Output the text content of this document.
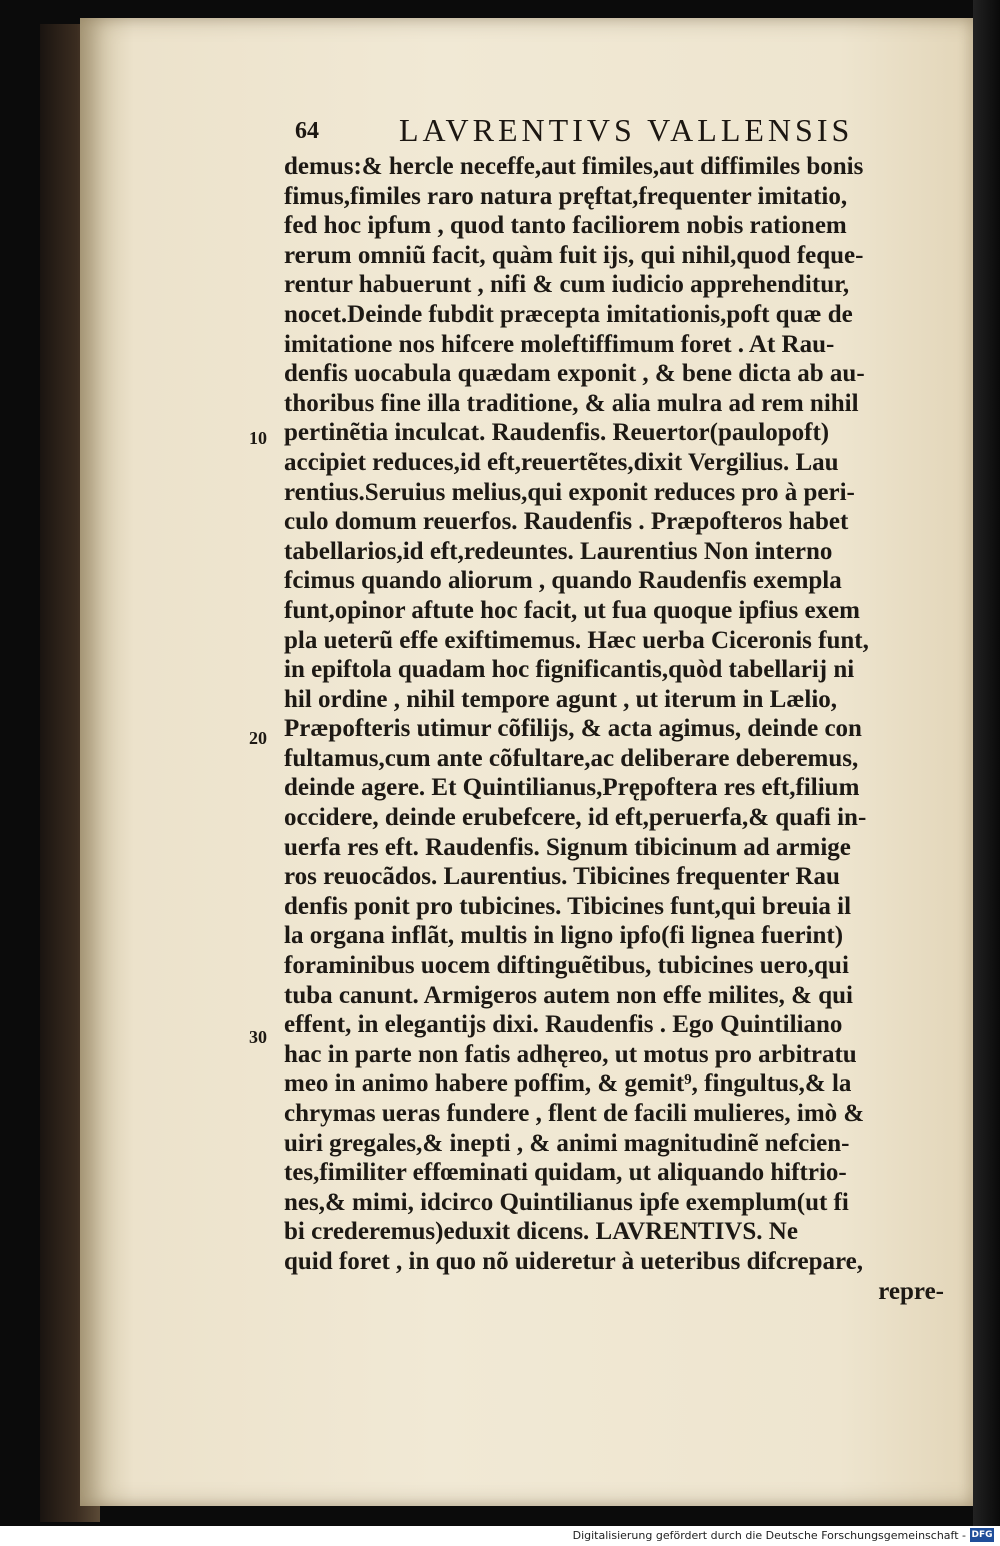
64	LAVRENTIVS VALLENSIS
demus:& hercle neceffe,aut fimiles,aut diffimiles bonis
fimus,fimiles raro natura pręftat,frequenter imitatio,
fed hoc ipfum , quod tanto faciliorem nobis rationem
rerum omniũ facit, quàm fuit ijs, qui nihil,quod feque-
rentur habuerunt , nifi & cum iudicio apprehenditur,
nocet.Deinde fubdit præcepta imitationis,poft quæ de
imitatione nos hifcere moleftiffimum foret . At Rau-
denfis uocabula quædam exponit , & bene dicta ab au-
thoribus fine illa traditione, & alia mulra ad rem nihil
pertinẽtia inculcat. Raudenfis. Reuertor(paulopoft)
accipiet reduces,id eft,reuertẽtes,dixit Vergilius. Lau
rentius.Seruius melius,qui exponit reduces pro à peri-
culo domum reuerfos. Raudenfis . Præpofteros habet
tabellarios,id eft,redeuntes. Laurentius Non interno
fcimus quando aliorum , quando Raudenfis exempla
funt,opinor aftute hoc facit, ut fua quoque ipfius exem
pla ueterũ effe exiftimemus. Hæc uerba Ciceronis funt,
in epiftola quadam hoc fignificantis,quòd tabellarij ni
hil ordine , nihil tempore agunt , ut iterum in Lælio,
Præpofteris utimur cõfilijs, & acta agimus, deinde con
fultamus,cum ante cõfultare,ac deliberare deberemus,
deinde agere. Et Quintilianus,Prępoftera res eft,filium
occidere, deinde erubefcere, id eft,peruerfa,& quafi in-
uerfa res eft. Raudenfis. Signum tibicinum ad armige
ros reuocãdos. Laurentius. Tibicines frequenter Rau
denfis ponit pro tubicines. Tibicines funt,qui breuia il
la organa inflãt, multis in ligno ipfo(fi lignea fuerint)
foraminibus uocem diftinguẽtibus, tubicines uero,qui
tuba canunt. Armigeros autem non effe milites, & qui
effent, in elegantijs dixi. Raudenfis . Ego Quintiliano
hac in parte non fatis adhęreo, ut motus pro arbitratu
meo in animo habere poffim, & gemit⁹, fingultus,& la
chrymas ueras fundere , flent de facili mulieres, imò &
uiri gregales,& inepti , & animi magnitudinẽ nefcien-
tes,fimiliter effœminati quidam, ut aliquando hiftrio-
nes,& mimi, idcirco Quintilianus ipfe exemplum(ut fi
bi crederemus)eduxit dicens. LAVRENTIVS. Ne
quid foret , in quo nõ uideretur à ueteribus difcrepare,
repre-
10
20
30
Digitalisierung gefördert durch die Deutsche Forschungsgemeinschaft - DFG
